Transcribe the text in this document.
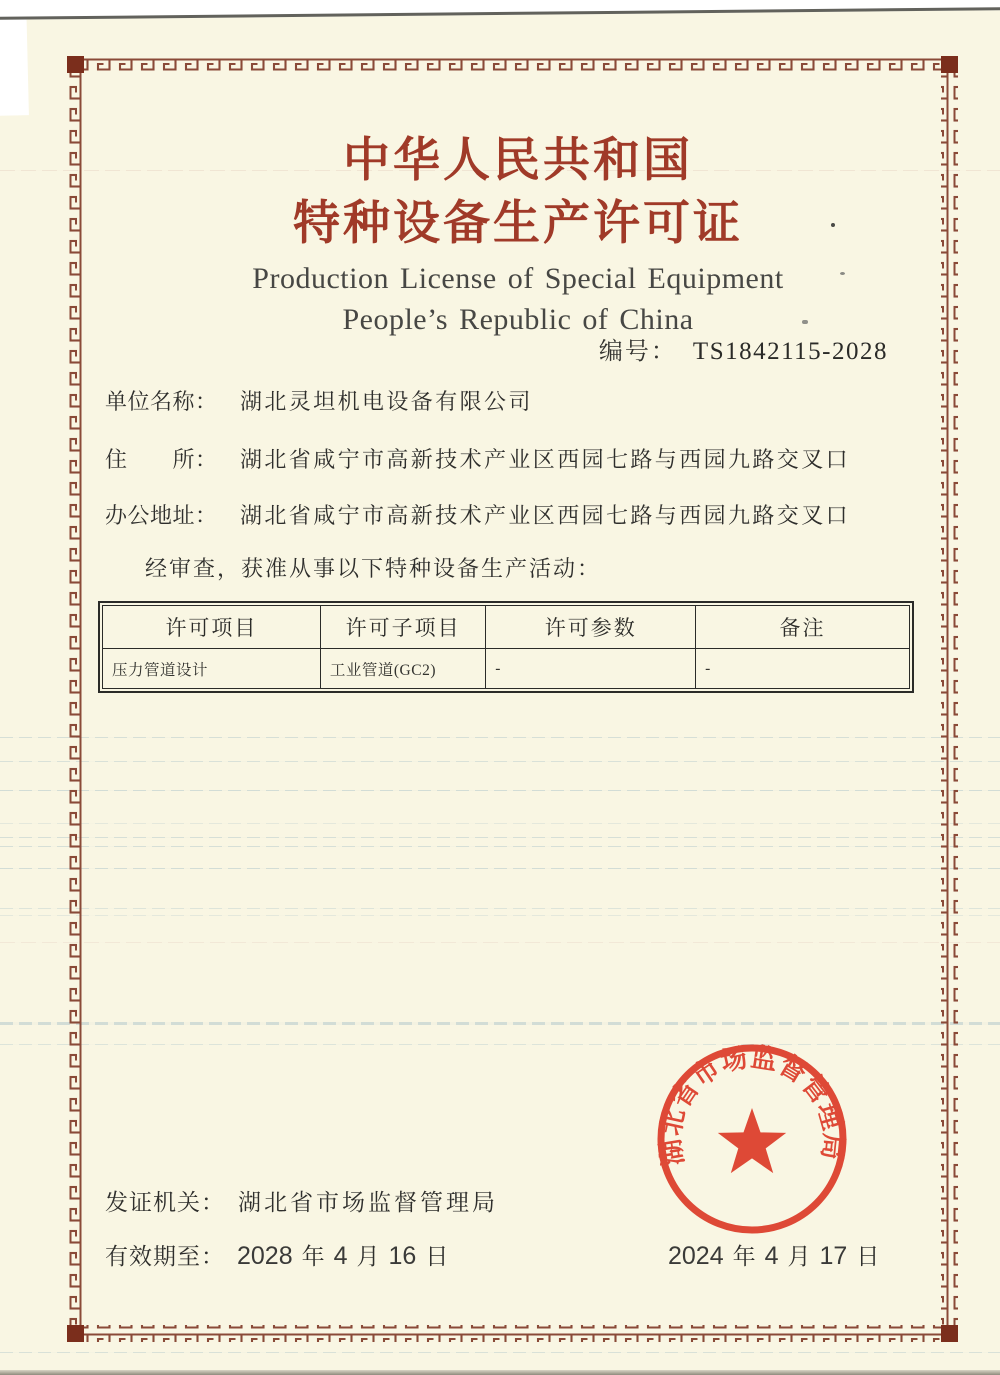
中华人民共和国
特种设备生产许可证
Production License of Special Equipment
People’s Republic of China
编号： TS1842115-2028
单位名称： 湖北灵坦机电设备有限公司
住　　所： 湖北省咸宁市高新技术产业区西园七路与西园九路交叉口
办公地址： 湖北省咸宁市高新技术产业区西园七路与西园九路交叉口
经审查，获准从事以下特种设备生产活动：
许可项目	许可子项目	许可参数	备注
压力管道设计	工业管道(GC2)	-	-
发证机关： 湖北省市场监督管理局
有效期至： 2028 年 4 月 16 日	2024 年 4 月 17 日
湖北省市场监督管理局
